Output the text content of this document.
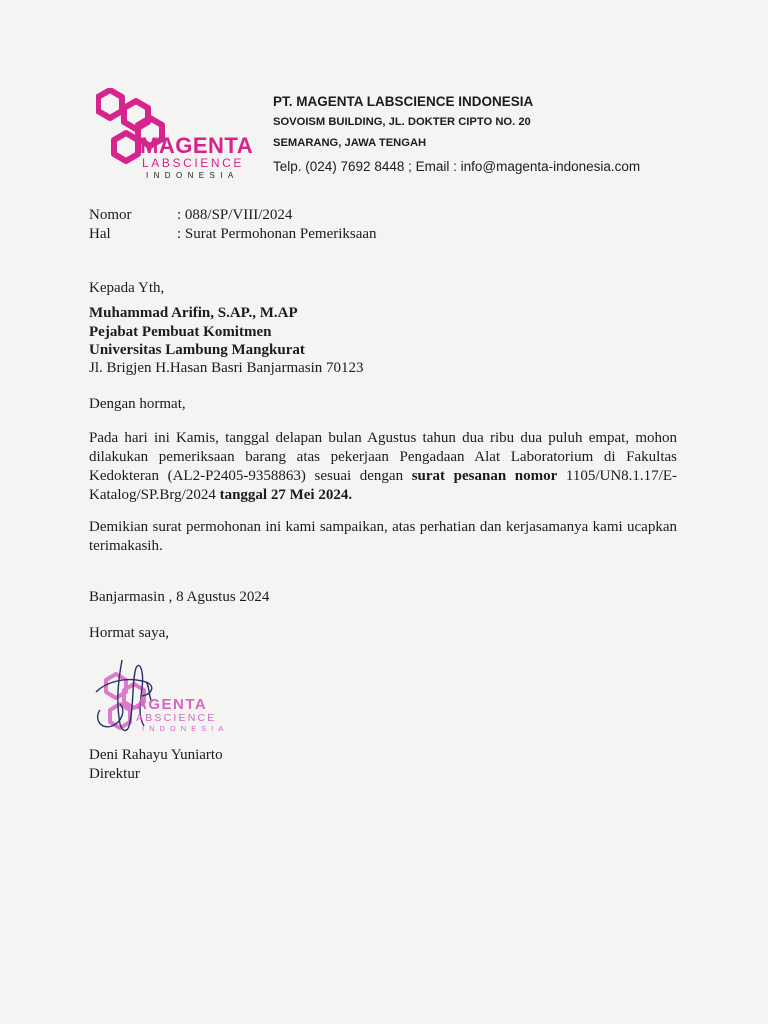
MAGENTA
LABSCIENCE
INDONESIA
PT. MAGENTA LABSCIENCE INDONESIA
SOVOISM BUILDING, JL. DOKTER CIPTO NO. 20
SEMARANG, JAWA TENGAH
Telp. (024) 7692 8448 ; Email : info@magenta-indonesia.com
Nomor	: 088/SP/VIII/2024
Hal	: Surat Permohonan Pemeriksaan
Kepada Yth,
Muhammad Arifin, S.AP., M.AP
Pejabat Pembuat Komitmen
Universitas Lambung Mangkurat
Jl. Brigjen H.Hasan Basri Banjarmasin 70123
Dengan hormat,
Pada hari ini Kamis, tanggal delapan bulan Agustus tahun dua ribu dua puluh empat, mohon dilakukan pemeriksaan barang atas pekerjaan Pengadaan Alat Laboratorium di Fakultas Kedokteran (AL2-P2405-9358863) sesuai dengan surat pesanan nomor 1105/UN8.1.17/E-Katalog/SP.Brg/2024 tanggal 27 Mei 2024.
Demikian surat permohonan ini kami sampaikan, atas perhatian dan kerjasamanya kami ucapkan terimakasih.
Banjarmasin , 8 Agustus 2024
Hormat saya,
AGENTA
ABSCIENCE
INDONESIA
Deni Rahayu Yuniarto
Direktur
